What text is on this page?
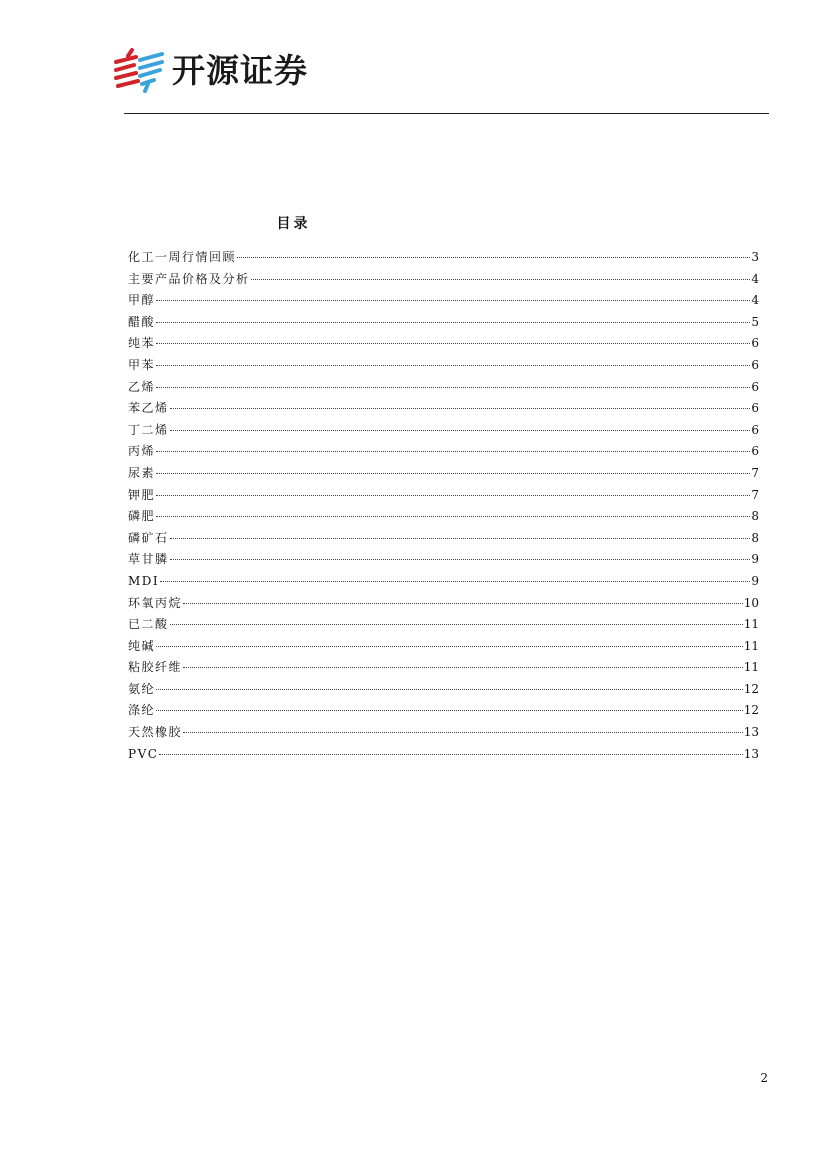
开源证券
目录
化工一周行情回顾	3
主要产品价格及分析	4
甲醇	4
醋酸	5
纯苯	6
甲苯	6
乙烯	6
苯乙烯	6
丁二烯	6
丙烯	6
尿素	7
钾肥	7
磷肥	8
磷矿石	8
草甘膦	9
MDI	9
环氧丙烷	10
已二酸	11
纯碱	11
粘胶纤维	11
氨纶	12
涤纶	12
天然橡胶	13
PVC	13
2
